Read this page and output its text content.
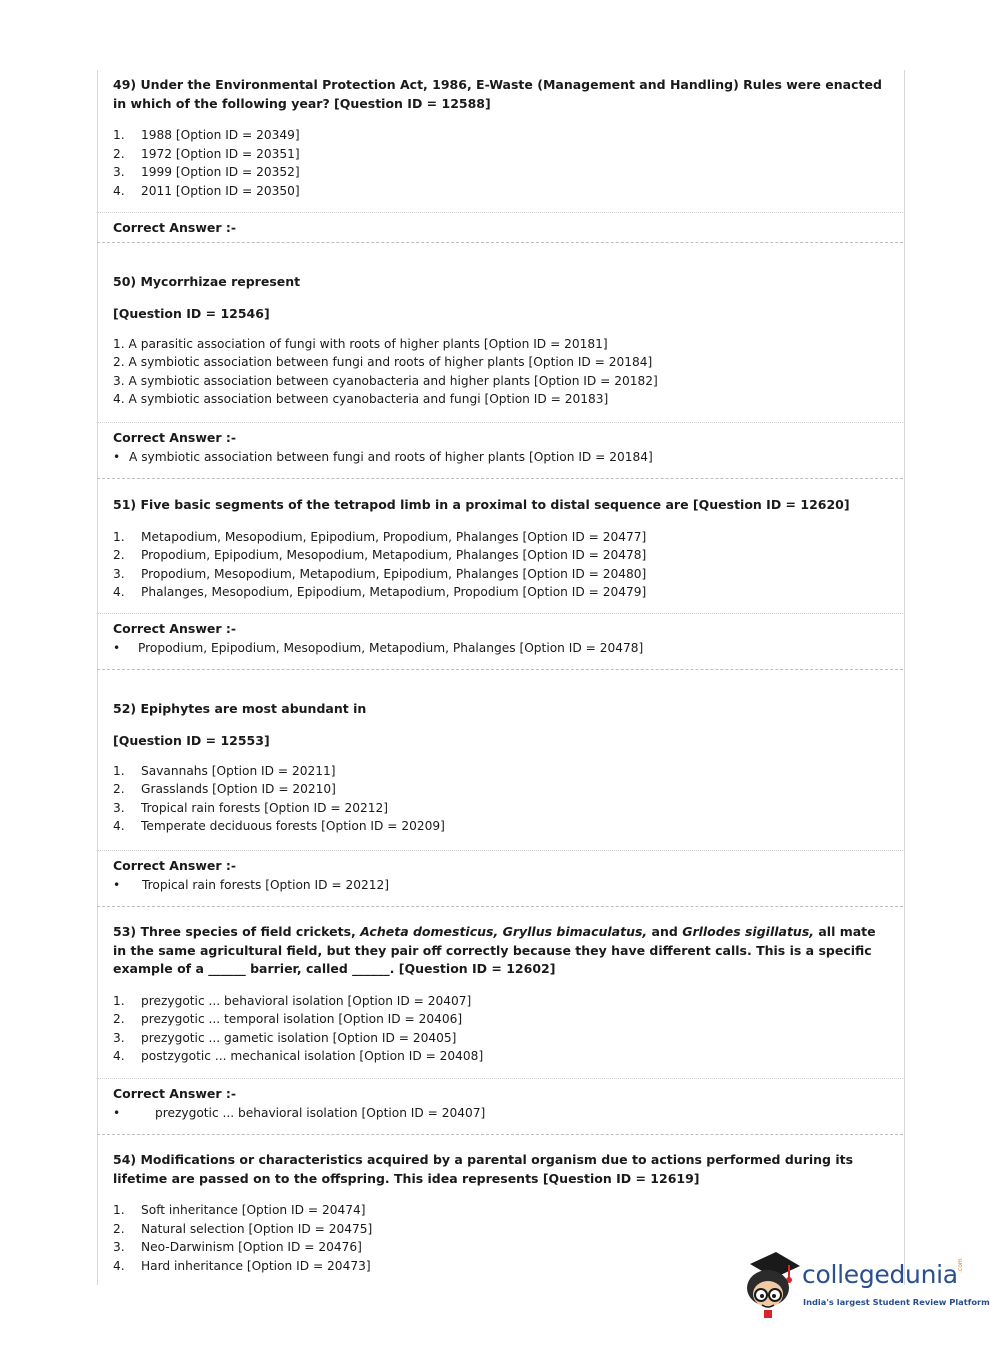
49) Under the Environmental Protection Act, 1986, E-Waste (Management and Handling) Rules were enacted in which of the following year? [Question ID = 12588]

1.	1988 [Option ID = 20349]
2.	1972 [Option ID = 20351]
3.	1999 [Option ID = 20352]
4.	2011 [Option ID = 20350]

Correct Answer :-

50) Mycorrhizae represent

[Question ID = 12546]

1. A parasitic association of fungi with roots of higher plants [Option ID = 20181]
2. A symbiotic association between fungi and roots of higher plants [Option ID = 20184]
3. A symbiotic association between cyanobacteria and higher plants [Option ID = 20182]
4. A symbiotic association between cyanobacteria and fungi [Option ID = 20183]

Correct Answer :-

• A symbiotic association between fungi and roots of higher plants [Option ID = 20184]

51) Five basic segments of the tetrapod limb in a proximal to distal sequence are [Question ID = 12620]

1.	Metapodium, Mesopodium, Epipodium, Propodium, Phalanges [Option ID = 20477]
2.	Propodium, Epipodium, Mesopodium, Metapodium, Phalanges [Option ID = 20478]
3.	Propodium, Mesopodium, Metapodium, Epipodium, Phalanges [Option ID = 20480]
4.	Phalanges, Mesopodium, Epipodium, Metapodium, Propodium [Option ID = 20479]

Correct Answer :-

•	Propodium, Epipodium, Mesopodium, Metapodium, Phalanges [Option ID = 20478]

52) Epiphytes are most abundant in

[Question ID = 12553]

1.	Savannahs [Option ID = 20211]
2.	Grasslands [Option ID = 20210]
3.	Tropical rain forests [Option ID = 20212]
4.	Temperate deciduous forests [Option ID = 20209]

Correct Answer :-

•	Tropical rain forests [Option ID = 20212]

53) Three species of field crickets, Acheta domesticus, Gryllus bimaculatus, and Grllodes sigillatus, all mate in the same agricultural field, but they pair off correctly because they have different calls. This is a specific example of a ______ barrier, called ______. [Question ID = 12602]

1.	prezygotic ... behavioral isolation [Option ID = 20407]
2.	prezygotic ... temporal isolation [Option ID = 20406]
3.	prezygotic ... gametic isolation [Option ID = 20405]
4.	postzygotic ... mechanical isolation [Option ID = 20408]

Correct Answer :-

•	prezygotic ... behavioral isolation [Option ID = 20407]

54) Modifications or characteristics acquired by a parental organism due to actions performed during its lifetime are passed on to the offspring. This idea represents [Question ID = 12619]

1.	Soft inheritance [Option ID = 20474]
2.	Natural selection [Option ID = 20475]
3.	Neo-Darwinism [Option ID = 20476]
4.	Hard inheritance [Option ID = 20473]	collegedunia .com
India's largest Student Review Platform
